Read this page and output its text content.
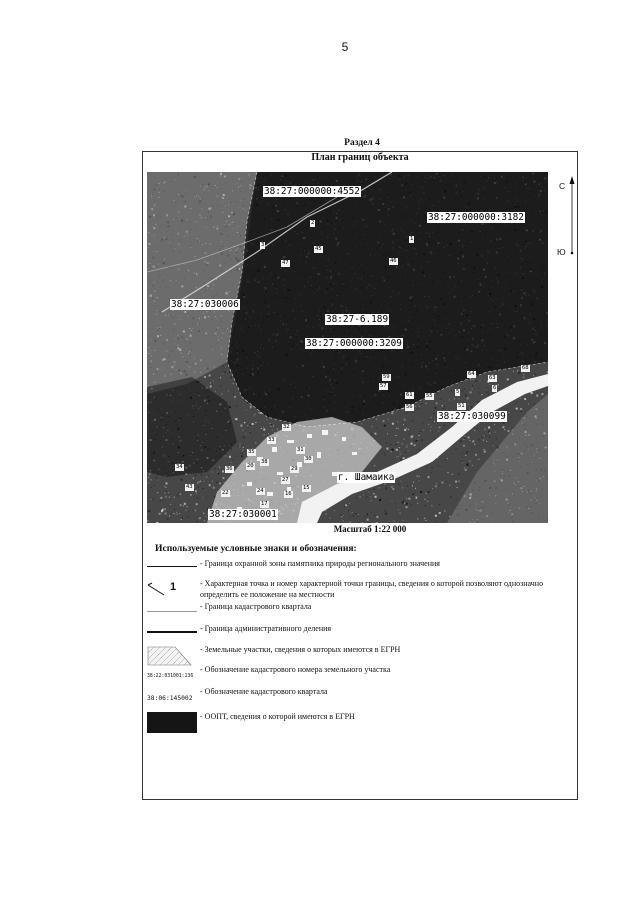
5
Раздел 4
План границ объекта
38:27:000000:4552
38:27:000000:3182
38:27:030006
38:27-6.189
38:27:000000:3209
38:27:030099
38:27:030001
г. Шамаика
2
1
3
45
46
47
68
64
63
6
59
57
61 55
5
56	51
32
33
35	31
30
20
36
38
34	29
27
43
22	24	16
17
15
С
Ю
Масштаб 1:22 000
Используемые условные знаки и обозначения:
- Граница охранной зоны памятника природы регионального значения
1	- Характерная точка и номер характерной точки границы, сведения о которой позволяют однозначно
определить ее положение на местности
- Граница кадастрового квартала
- Граница административного деления
- Земельные участки, сведения о которых имеются в ЕГРН
38:22:031001:136
- Обозначение кадастрового номера земельного участка
38:06:145002
- Обозначение кадастрового квартала
- ООПТ, сведения о которой имеются в ЕГРН
